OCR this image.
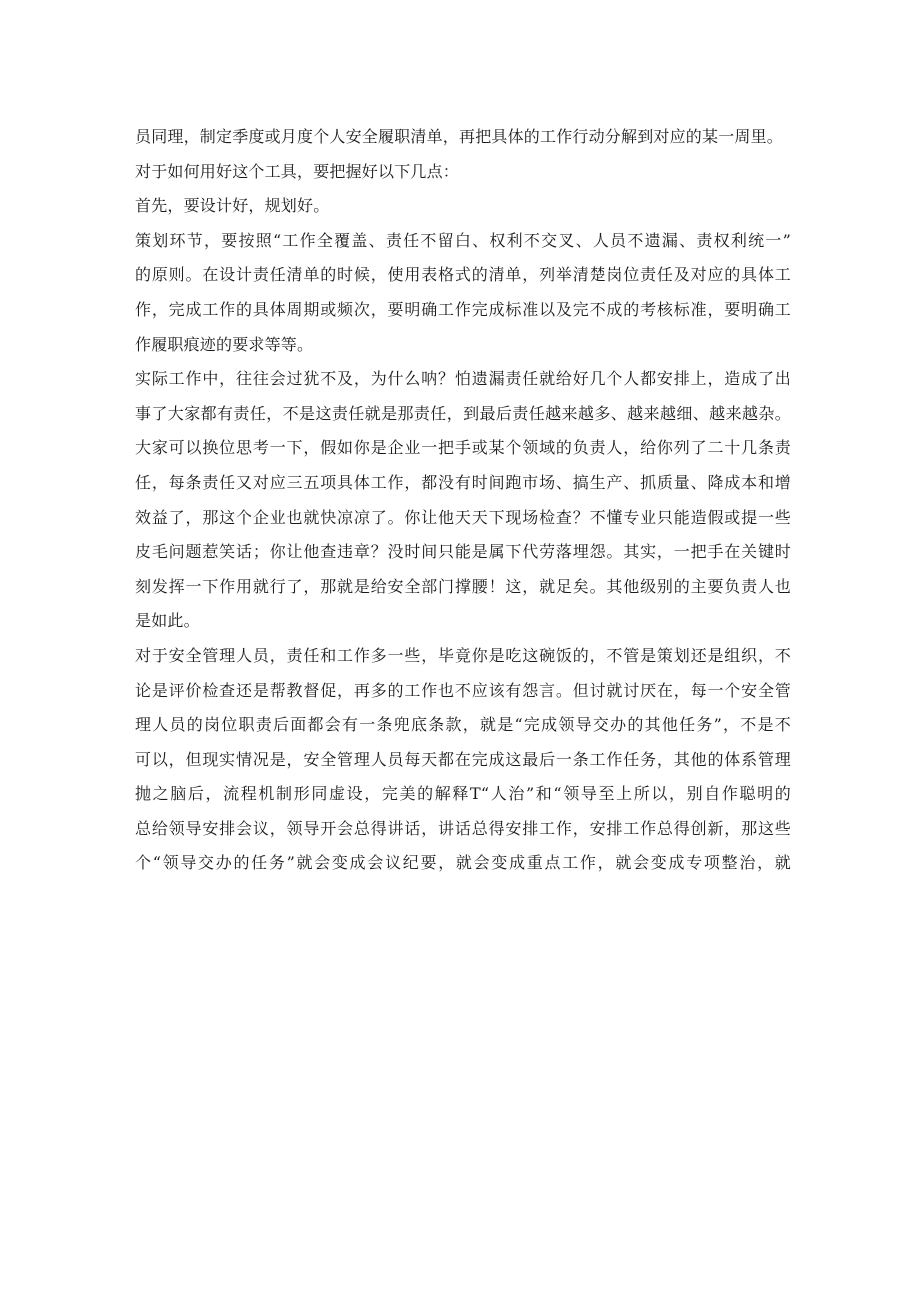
员同理，制定季度或月度个人安全履职清单，再把具体的工作行动分解到对应的某一周里。
对于如何用好这个工具，要把握好以下几点：
首先，要设计好，规划好。
策划环节，要按照“工作全覆盖、责任不留白、权利不交叉、人员不遗漏、责权利统一”
的原则。在设计责任清单的时候，使用表格式的清单，列举清楚岗位责任及对应的具体工
作，完成工作的具体周期或频次，要明确工作完成标准以及完不成的考核标准，要明确工
作履职痕迹的要求等等。
实际工作中，往往会过犹不及，为什么呐？怕遗漏责任就给好几个人都安排上，造成了出
事了大家都有责任，不是这责任就是那责任，到最后责任越来越多、越来越细、越来越杂。
大家可以换位思考一下，假如你是企业一把手或某个领域的负责人，给你列了二十几条责
任，每条责任又对应三五项具体工作，都没有时间跑市场、搞生产、抓质量、降成本和增
效益了，那这个企业也就快凉凉了。你让他天天下现场检查？不懂专业只能造假或提一些
皮毛问题惹笑话；你让他查违章？没时间只能是属下代劳落埋怨。其实，一把手在关键时
刻发挥一下作用就行了，那就是给安全部门撑腰！这，就足矣。其他级别的主要负责人也
是如此。
对于安全管理人员，责任和工作多一些，毕竟你是吃这碗饭的，不管是策划还是组织，不
论是评价检查还是帮教督促，再多的工作也不应该有怨言。但讨就讨厌在，每一个安全管
理人员的岗位职责后面都会有一条兜底条款，就是“完成领导交办的其他任务”，不是不
可以，但现实情况是，安全管理人员每天都在完成这最后一条工作任务，其他的体系管理
抛之脑后，流程机制形同虚设，完美的解释T“人治”和“领导至上所以，别自作聪明的
总给领导安排会议，领导开会总得讲话，讲话总得安排工作，安排工作总得创新，那这些
个“领导交办的任务”就会变成会议纪要，就会变成重点工作，就会变成专项整治，就
